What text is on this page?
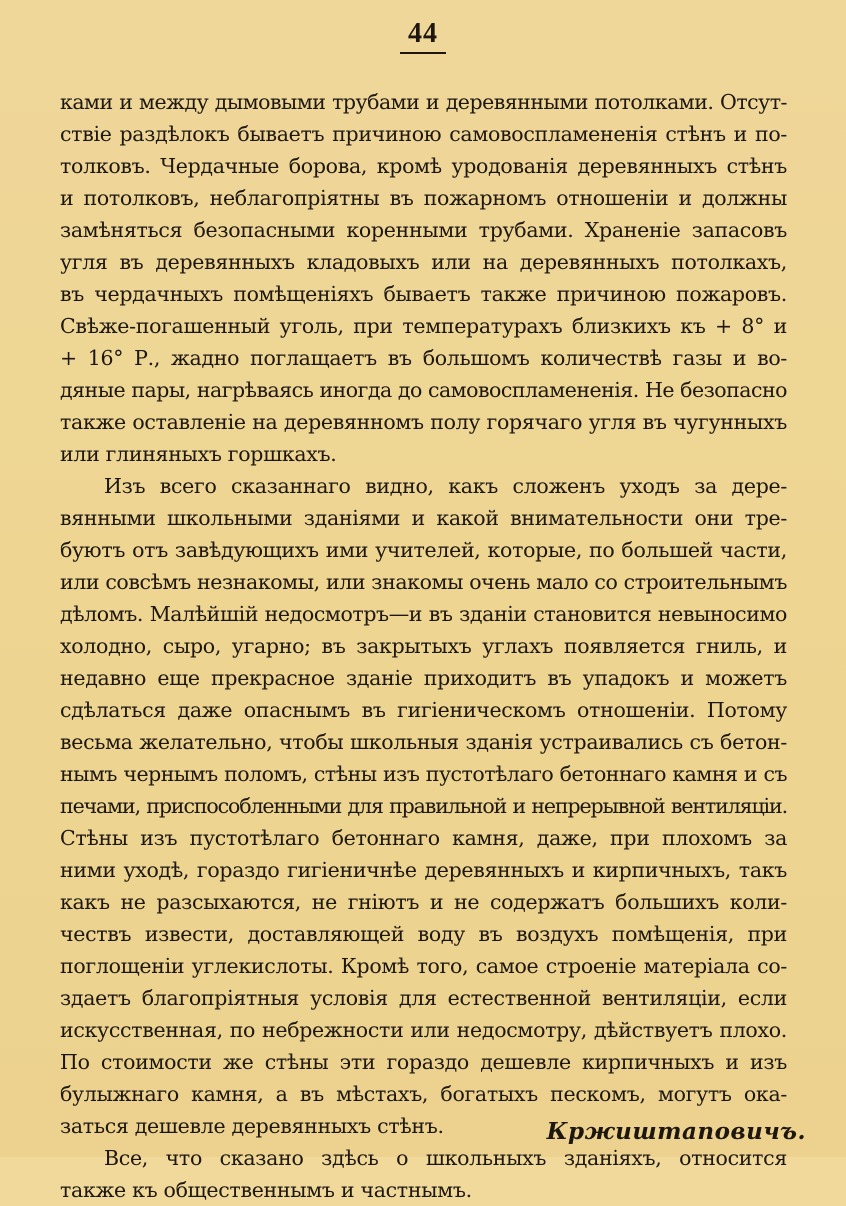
44

ками и между дымовыми трубами и деревянными потолками. Отсут-
ствіе раздѣлокъ бываетъ причиною самовоспламененія стѣнъ и по-
толковъ. Чердачные борова, кромѣ уродованія деревянныхъ стѣнъ
и потолковъ, неблагопріятны въ пожарномъ отношеніи и должны
замѣняться безопасными коренными трубами. Храненіе запасовъ
угля въ деревянныхъ кладовыхъ или на деревянныхъ потолкахъ,
въ чердачныхъ помѣщеніяхъ бываетъ также причиною пожаровъ.
Свѣже-погашенный уголь, при температурахъ близкихъ къ + 8° и
+ 16° Р., жадно поглащаетъ въ большомъ количествѣ газы и во-
дяные пары, нагрѣваясь иногда до самовоспламененія. Не безопасно
также оставленіе на деревянномъ полу горячаго угля въ чугунныхъ
или глиняныхъ горшкахъ.

Изъ всего сказаннаго видно, какъ сложенъ уходъ за дере-
вянными школьными зданіями и какой внимательности они тре-
буютъ отъ завѣдующихъ ими учителей, которые, по большей части,
или совсѣмъ незнакомы, или знакомы очень мало со строительнымъ
дѣломъ. Малѣйшій недосмотръ—и въ зданіи становится невыносимо
холодно, сыро, угарно; въ закрытыхъ углахъ появляется гниль, и
недавно еще прекрасное зданіе приходитъ въ упадокъ и можетъ
сдѣлаться даже опаснымъ въ гигіеническомъ отношеніи. Потому
весьма желательно, чтобы школьныя зданія устраивались съ бетон-
нымъ чернымъ поломъ, стѣны изъ пустотѣлаго бетоннаго камня и съ
печами, приспособленными для правильной и непрерывной вентиляціи.
Стѣны изъ пустотѣлаго бетоннаго камня, даже, при плохомъ за
ними уходѣ, гораздо гигіеничнѣе деревянныхъ и кирпичныхъ, такъ
какъ не разсыхаются, не гніютъ и не содержатъ большихъ коли-
чествъ извести, доставляющей воду въ воздухъ помѣщенія, при
поглощеніи углекислоты. Кромѣ того, самое строеніе матеріала со-
здаетъ благопріятныя условія для естественной вентиляціи, если
искусственная, по небрежности или недосмотру, дѣйствуетъ плохо.
По стоимости же стѣны эти гораздо дешевле кирпичныхъ и изъ
булыжнаго камня, а въ мѣстахъ, богатыхъ пескомъ, могутъ ока-
заться дешевле деревянныхъ стѣнъ.

Все, что сказано здѣсь о школьныхъ зданіяхъ, относится
также къ общественнымъ и частнымъ.

Кржиштаповичъ.
